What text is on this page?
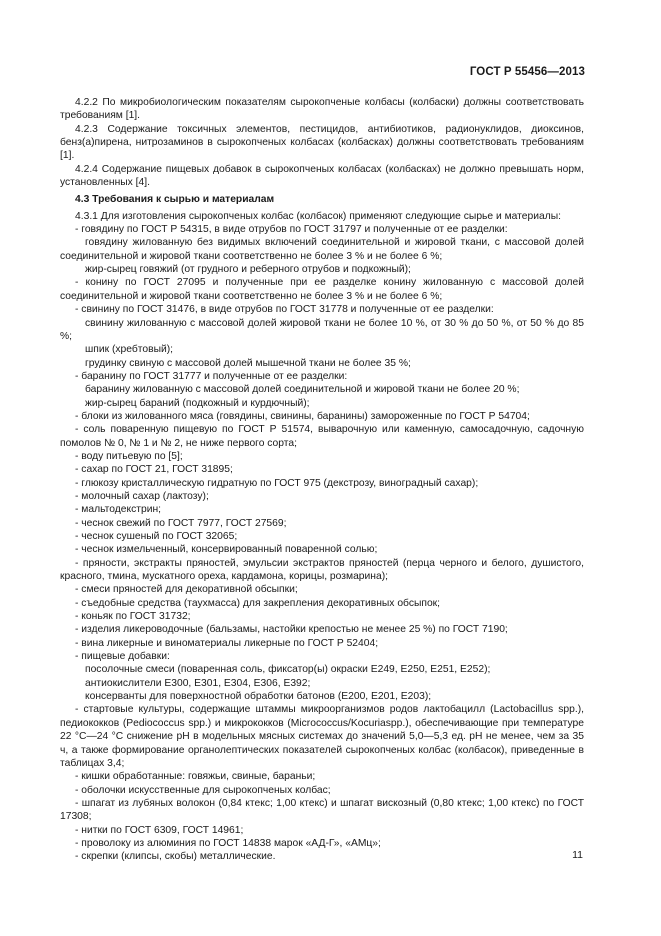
ГОСТ Р 55456—2013

4.2.2 По микробиологическим показателям сырокопченые колбасы (колбаски) должны соответствовать требованиям [1].

4.2.3 Содержание токсичных элементов, пестицидов, антибиотиков, радионуклидов, диоксинов, бенз(а)пирена, нитрозаминов в сырокопченых колбасах (колбасках) должны соответствовать требованиям [1].

4.2.4 Содержание пищевых добавок в сырокопченых колбасах (колбасках) не должно превышать норм, установленных [4].

4.3 Требования к сырью и материалам

4.3.1 Для изготовления сырокопченых колбас (колбасок) применяют следующие сырье и материалы:

- говядину по ГОСТ Р 54315, в виде отрубов по ГОСТ 31797 и полученные от ее разделки:

говядину жилованную без видимых включений соединительной и жировой ткани, с массовой долей соединительной и жировой ткани соответственно не более 3 % и не более 6 %;

жир-сырец говяжий (от грудного и реберного отрубов и подкожный);

- конину по ГОСТ 27095 и полученные при ее разделке конину жилованную с массовой долей соединительной и жировой ткани соответственно не более 3 % и не более 6 %;

- свинину по ГОСТ 31476, в виде отрубов по ГОСТ 31778 и полученные от ее разделки:

свинину жилованную с массовой долей жировой ткани не более 10 %, от 30 % до 50 %, от 50 % до 85 %;

шпик (хребтовый);

грудинку свиную с массовой долей мышечной ткани не более 35 %;

- баранину по ГОСТ 31777 и полученные от ее разделки:

баранину жилованную с массовой долей соединительной и жировой ткани не более 20 %;

жир-сырец бараний (подкожный и курдючный);

- блоки из жилованного мяса (говядины, свинины, баранины) замороженные по ГОСТ Р 54704;

- соль поваренную пищевую по ГОСТ Р 51574, выварочную или каменную, самосадочную, садочную помолов № 0, № 1 и № 2, не ниже первого сорта;

- воду питьевую по [5];

- сахар по ГОСТ 21, ГОСТ 31895;

- глюкозу кристаллическую гидратную по ГОСТ 975 (декстрозу, виноградный сахар);

- молочный сахар (лактозу);

- мальтодекстрин;

- чеснок свежий по ГОСТ 7977, ГОСТ 27569;

- чеснок сушеный по ГОСТ 32065;

- чеснок измельченный, консервированный поваренной солью;

- пряности, экстракты пряностей, эмульсии экстрактов пряностей (перца черного и белого, душистого, красного, тмина, мускатного ореха, кардамона, корицы, розмарина);

- смеси пряностей для декоративной обсыпки;

- съедобные средства (таухмасса) для закрепления декоративных обсыпок;

- коньяк по ГОСТ 31732;

- изделия ликероводочные (бальзамы, настойки крепостью не менее 25 %) по ГОСТ 7190;

- вина ликерные и виноматериалы ликерные по ГОСТ Р 52404;

- пищевые добавки:

посолочные смеси (поваренная соль, фиксатор(ы) окраски Е249, Е250, Е251, Е252);

антиокислители Е300, Е301, Е304, Е306, Е392;

консерванты для поверхностной обработки батонов (Е200, Е201, Е203);

- стартовые культуры, содержащие штаммы микроорганизмов родов лактобацилл (Lactobacillus spp.), педиококков (Pediococcus spp.) и микрококков (Micrococcus/Kocuriaspp.), обеспечивающие при температуре 22 °C—24 °C снижение рН в модельных мясных системах до значений 5,0—5,3 ед. рН не менее, чем за 35 ч, а также формирование органолептических показателей сырокопченых колбас (колбасок), приведенные в таблицах 3,4;

- кишки обработанные: говяжьи, свиные, бараньи;

- оболочки искусственные для сырокопченых колбас;

- шпагат из лубяных волокон (0,84 ктекс; 1,00 ктекс) и шпагат вискозный (0,80 ктекс; 1,00 ктекс) по ГОСТ 17308;

- нитки по ГОСТ 6309, ГОСТ 14961;

- проволоку из алюминия по ГОСТ 14838 марок «АД-Г», «АМц»;

- скрепки (клипсы, скобы) металлические.	11
